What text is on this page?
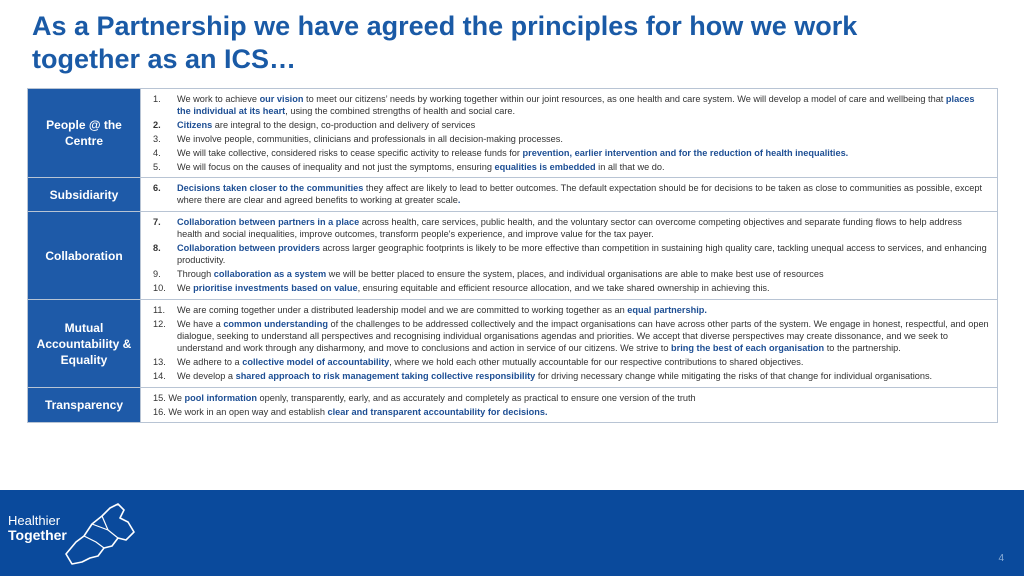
As a Partnership we have agreed the principles for how we work
together as an ICS…
People @ the Centre
1.	We work to achieve our vision to meet our citizens’ needs by working together within our joint resources, as one health and care system. We will develop a model of care and wellbeing that places the individual at its heart, using the combined strengths of health and social care.
2.	Citizens are integral to the design, co-production and delivery of services
3.	We involve people, communities, clinicians and professionals in all decision-making processes.
4.	We will take collective, considered risks to cease specific activity to release funds for prevention, earlier intervention and for the reduction of health inequalities.
5.	We will focus on the causes of inequality and not just the symptoms, ensuring equalities is embedded in all that we do.
Subsidiarity	6.	Decisions taken closer to the communities they affect are likely to lead to better outcomes. The default expectation should be for decisions to be taken as close to communities as possible, except where there are clear and agreed benefits to working at greater scale.
Collaboration
7.	Collaboration between partners in a place across health, care services, public health, and the voluntary sector can overcome competing objectives and separate funding flows to help address health and social inequalities, improve outcomes, transform people's experience, and improve value for the tax payer.
8.	Collaboration between providers across larger geographic footprints is likely to be more effective than competition in sustaining high quality care, tackling unequal access to services, and enhancing productivity.
9.	Through collaboration as a system we will be better placed to ensure the system, places, and individual organisations are able to make best use of resources
10.	We prioritise investments based on value, ensuring equitable and efficient resource allocation, and we take shared ownership in achieving this.
Mutual Accountability & Equality
11.	We are coming together under a distributed leadership model and we are committed to working together as an equal partnership.
12.	We have a common understanding of the challenges to be addressed collectively and the impact organisations can have across other parts of the system. We engage in honest, respectful, and open dialogue, seeking to understand all perspectives and recognising individual organisations agendas and priorities. We accept that diverse perspectives may create dissonance, and we seek to understand and work through any disharmony, and move to conclusions and action in service of our citizens. We strive to bring the best of each organisation to the partnership.
13.	We adhere to a collective model of accountability, where we hold each other mutually accountable for our respective contributions to shared objectives.
14.	We develop a shared approach to risk management taking collective responsibility for driving necessary change while mitigating the risks of that change for individual organisations.
Transparency
15. We pool information openly, transparently, early, and as accurately and completely as practical to ensure one version of the truth
16. We work in an open way and establish clear and transparent accountability for decisions.
Healthier
Together
4
